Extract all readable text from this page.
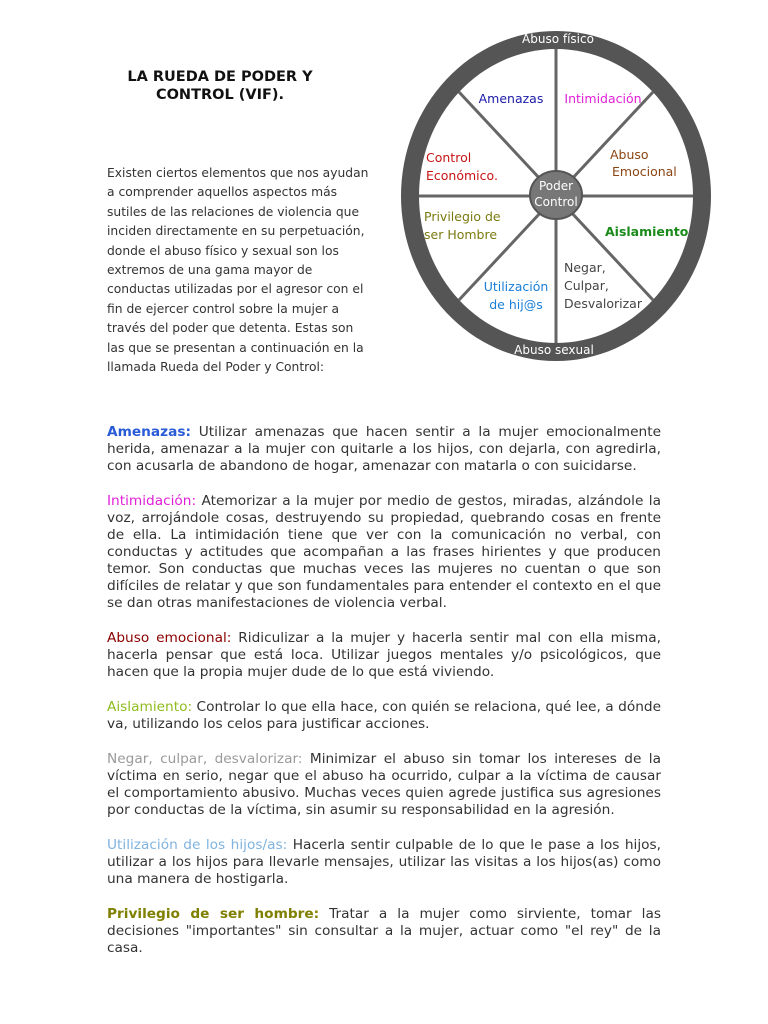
LA RUEDA DE PODER Y
CONTROL (VIF).
Existen ciertos elementos que nos ayudan
a comprender aquellos aspectos más
sutiles de las relaciones de violencia que
inciden directamente en su perpetuación,
donde el abuso físico y sexual son los
extremos de una gama mayor de
conductas utilizadas por el agresor con el
fin de ejercer control sobre la mujer a
través del poder que detenta. Estas son
las que se presentan a continuación en la
llamada Rueda del Poder y Control:
Poder
Control
Abuso físico
Abuso sexual
Amenazas Intimidación
Abuso
Emocional
Aislamiento
Negar,
Culpar,
Desvalorizar
Utilización
de hij@s
Privilegio de
ser Hombre
Control
Económico.

Amenazas: Utilizar amenazas que hacen sentir a la mujer emocionalmente herida, amenazar a la mujer con quitarle a los hijos, con dejarla, con agredirla, con acusarla de abandono de hogar, amenazar con matarla o con suicidarse.

Intimidación: Atemorizar a la mujer por medio de gestos, miradas, alzándole la voz, arrojándole cosas, destruyendo su propiedad, quebrando cosas en frente de ella. La intimidación tiene que ver con la comunicación no verbal, con conductas y actitudes que acompañan a las frases hirientes y que producen temor. Son conductas que muchas veces las mujeres no cuentan o que son difíciles de relatar y que son fundamentales para entender el contexto en el que se dan otras manifestaciones de violencia verbal.

Abuso emocional: Ridiculizar a la mujer y hacerla sentir mal con ella misma, hacerla pensar que está loca. Utilizar juegos mentales y/o psicológicos, que hacen que la propia mujer dude de lo que está viviendo.

Aislamiento: Controlar lo que ella hace, con quién se relaciona, qué lee, a dónde va, utilizando los celos para justificar acciones.

Negar, culpar, desvalorizar: Minimizar el abuso sin tomar los intereses de la víctima en serio, negar que el abuso ha ocurrido, culpar a la víctima de causar el comportamiento abusivo. Muchas veces quien agrede justifica sus agresiones por conductas de la víctima, sin asumir su responsabilidad en la agresión.

Utilización de los hijos/as: Hacerla sentir culpable de lo que le pase a los hijos, utilizar a los hijos para llevarle mensajes, utilizar las visitas a los hijos(as) como una manera de hostigarla.

Privilegio de ser hombre: Tratar a la mujer como sirviente, tomar las decisiones "importantes" sin consultar a la mujer, actuar como "el rey" de la casa.
